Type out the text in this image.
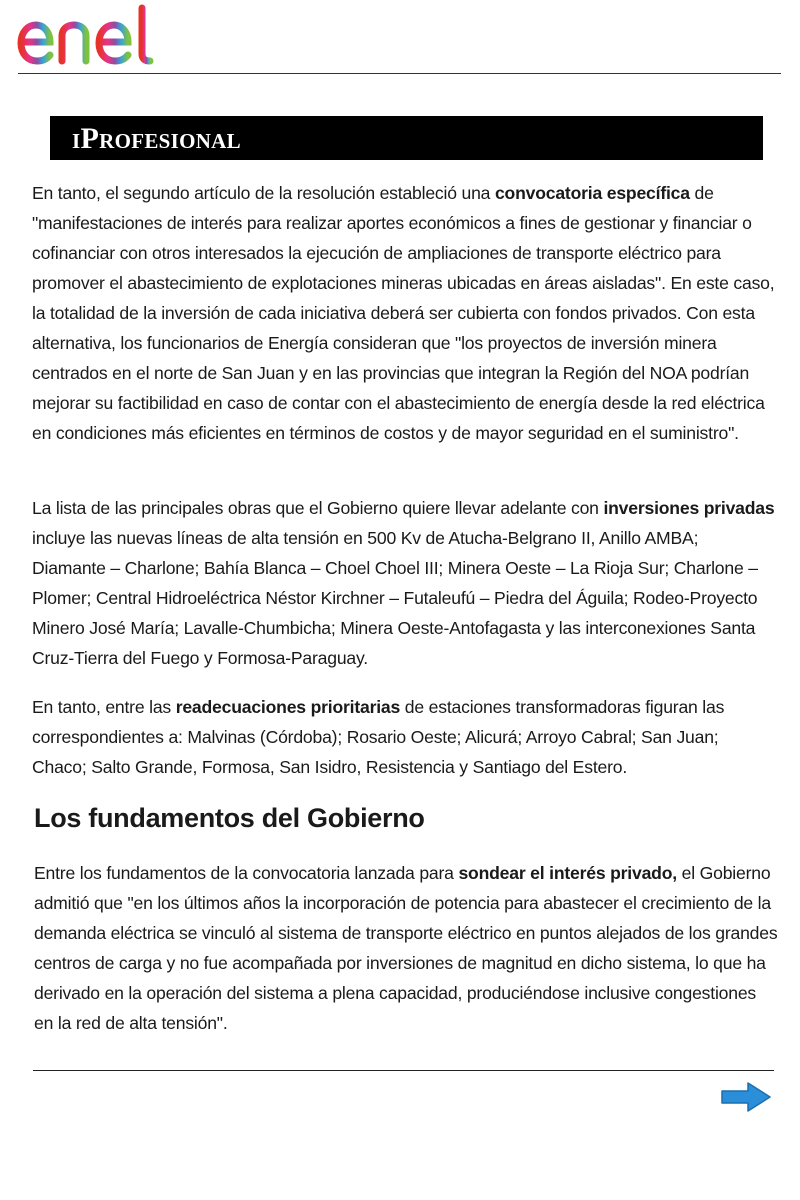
enel
iProfesional

En tanto, el segundo artículo de la resolución estableció una convocatoria específica de "manifestaciones de interés para realizar aportes económicos a fines de gestionar y financiar o cofinanciar con otros interesados la ejecución de ampliaciones de transporte eléctrico para promover el abastecimiento de explotaciones mineras ubicadas en áreas aisladas". En este caso, la totalidad de la inversión de cada iniciativa deberá ser cubierta con fondos privados. Con esta alternativa, los funcionarios de Energía consideran que "los proyectos de inversión minera centrados en el norte de San Juan y en las provincias que integran la Región del NOA podrían mejorar su factibilidad en caso de contar con el abastecimiento de energía desde la red eléctrica en condiciones más eficientes en términos de costos y de mayor seguridad en el suministro".

La lista de las principales obras que el Gobierno quiere llevar adelante con inversiones privadas incluye las nuevas líneas de alta tensión en 500 Kv de Atucha-Belgrano II, Anillo AMBA; Diamante – Charlone; Bahía Blanca – Choel Choel III; Minera Oeste – La Rioja Sur; Charlone – Plomer; Central Hidroeléctrica Néstor Kirchner – Futaleufú – Piedra del Águila; Rodeo-Proyecto Minero José María; Lavalle-Chumbicha; Minera Oeste-Antofagasta y las interconexiones Santa Cruz-Tierra del Fuego y Formosa-Paraguay.

En tanto, entre las readecuaciones prioritarias de estaciones transformadoras figuran las correspondientes a: Malvinas (Córdoba); Rosario Oeste; Alicurá; Arroyo Cabral; San Juan; Chaco; Salto Grande, Formosa, San Isidro, Resistencia y Santiago del Estero.

Los fundamentos del Gobierno

Entre los fundamentos de la convocatoria lanzada para sondear el interés privado, el Gobierno admitió que "en los últimos años la incorporación de potencia para abastecer el crecimiento de la demanda eléctrica se vinculó al sistema de transporte eléctrico en puntos alejados de los grandes centros de carga y no fue acompañada por inversiones de magnitud en dicho sistema, lo que ha derivado en la operación del sistema a plena capacidad, produciéndose inclusive congestiones en la red de alta tensión".
